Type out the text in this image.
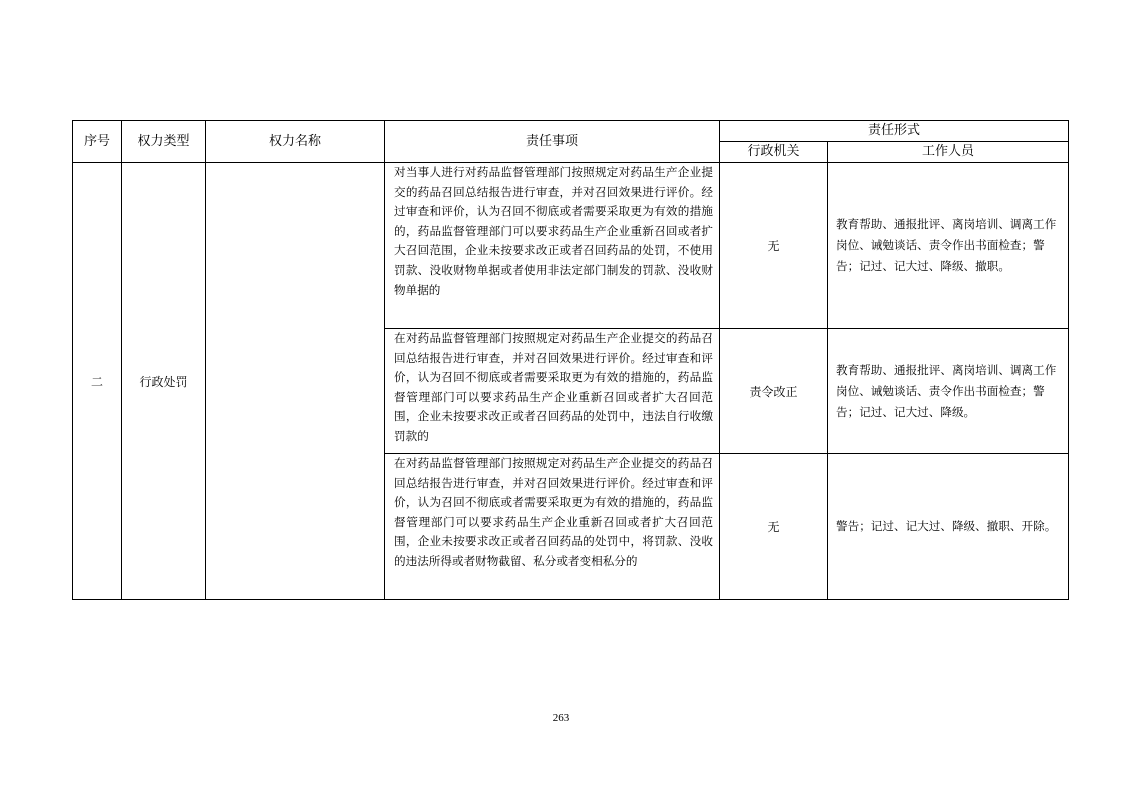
序号	权力类型	权力名称	责任事项	责任形式	
				行政机关	工作人员
二	行政处罚		对当事人进行对药品监督管理部门按照规定对药品生产企业提交的药品召回总结报告进行审查，并对召回效果进行评价。经过审查和评价，认为召回不彻底或者需要采取更为有效的措施的，药品监督管理部门可以要求药品生产企业重新召回或者扩大召回范围，企业未按要求改正或者召回药品的处罚，不使用罚款、没收财物单据或者使用非法定部门制发的罚款、没收财物单据的	无	教育帮助、通报批评、离岗培训、调离工作岗位、诫勉谈话、责令作出书面检查；警告；记过、记大过、降级、撤职。
			在对药品监督管理部门按照规定对药品生产企业提交的药品召回总结报告进行审查，并对召回效果进行评价。经过审查和评价，认为召回不彻底或者需要采取更为有效的措施的，药品监督管理部门可以要求药品生产企业重新召回或者扩大召回范围，企业未按要求改正或者召回药品的处罚中，违法自行收缴罚款的	责令改正	教育帮助、通报批评、离岗培训、调离工作岗位、诫勉谈话、责令作出书面检查；警告；记过、记大过、降级。
			在对药品监督管理部门按照规定对药品生产企业提交的药品召回总结报告进行审查，并对召回效果进行评价。经过审查和评价，认为召回不彻底或者需要采取更为有效的措施的，药品监督管理部门可以要求药品生产企业重新召回或者扩大召回范围，企业未按要求改正或者召回药品的处罚中，将罚款、没收的违法所得或者财物截留、私分或者变相私分的	无	警告；记过、记大过、降级、撤职、开除。
263
